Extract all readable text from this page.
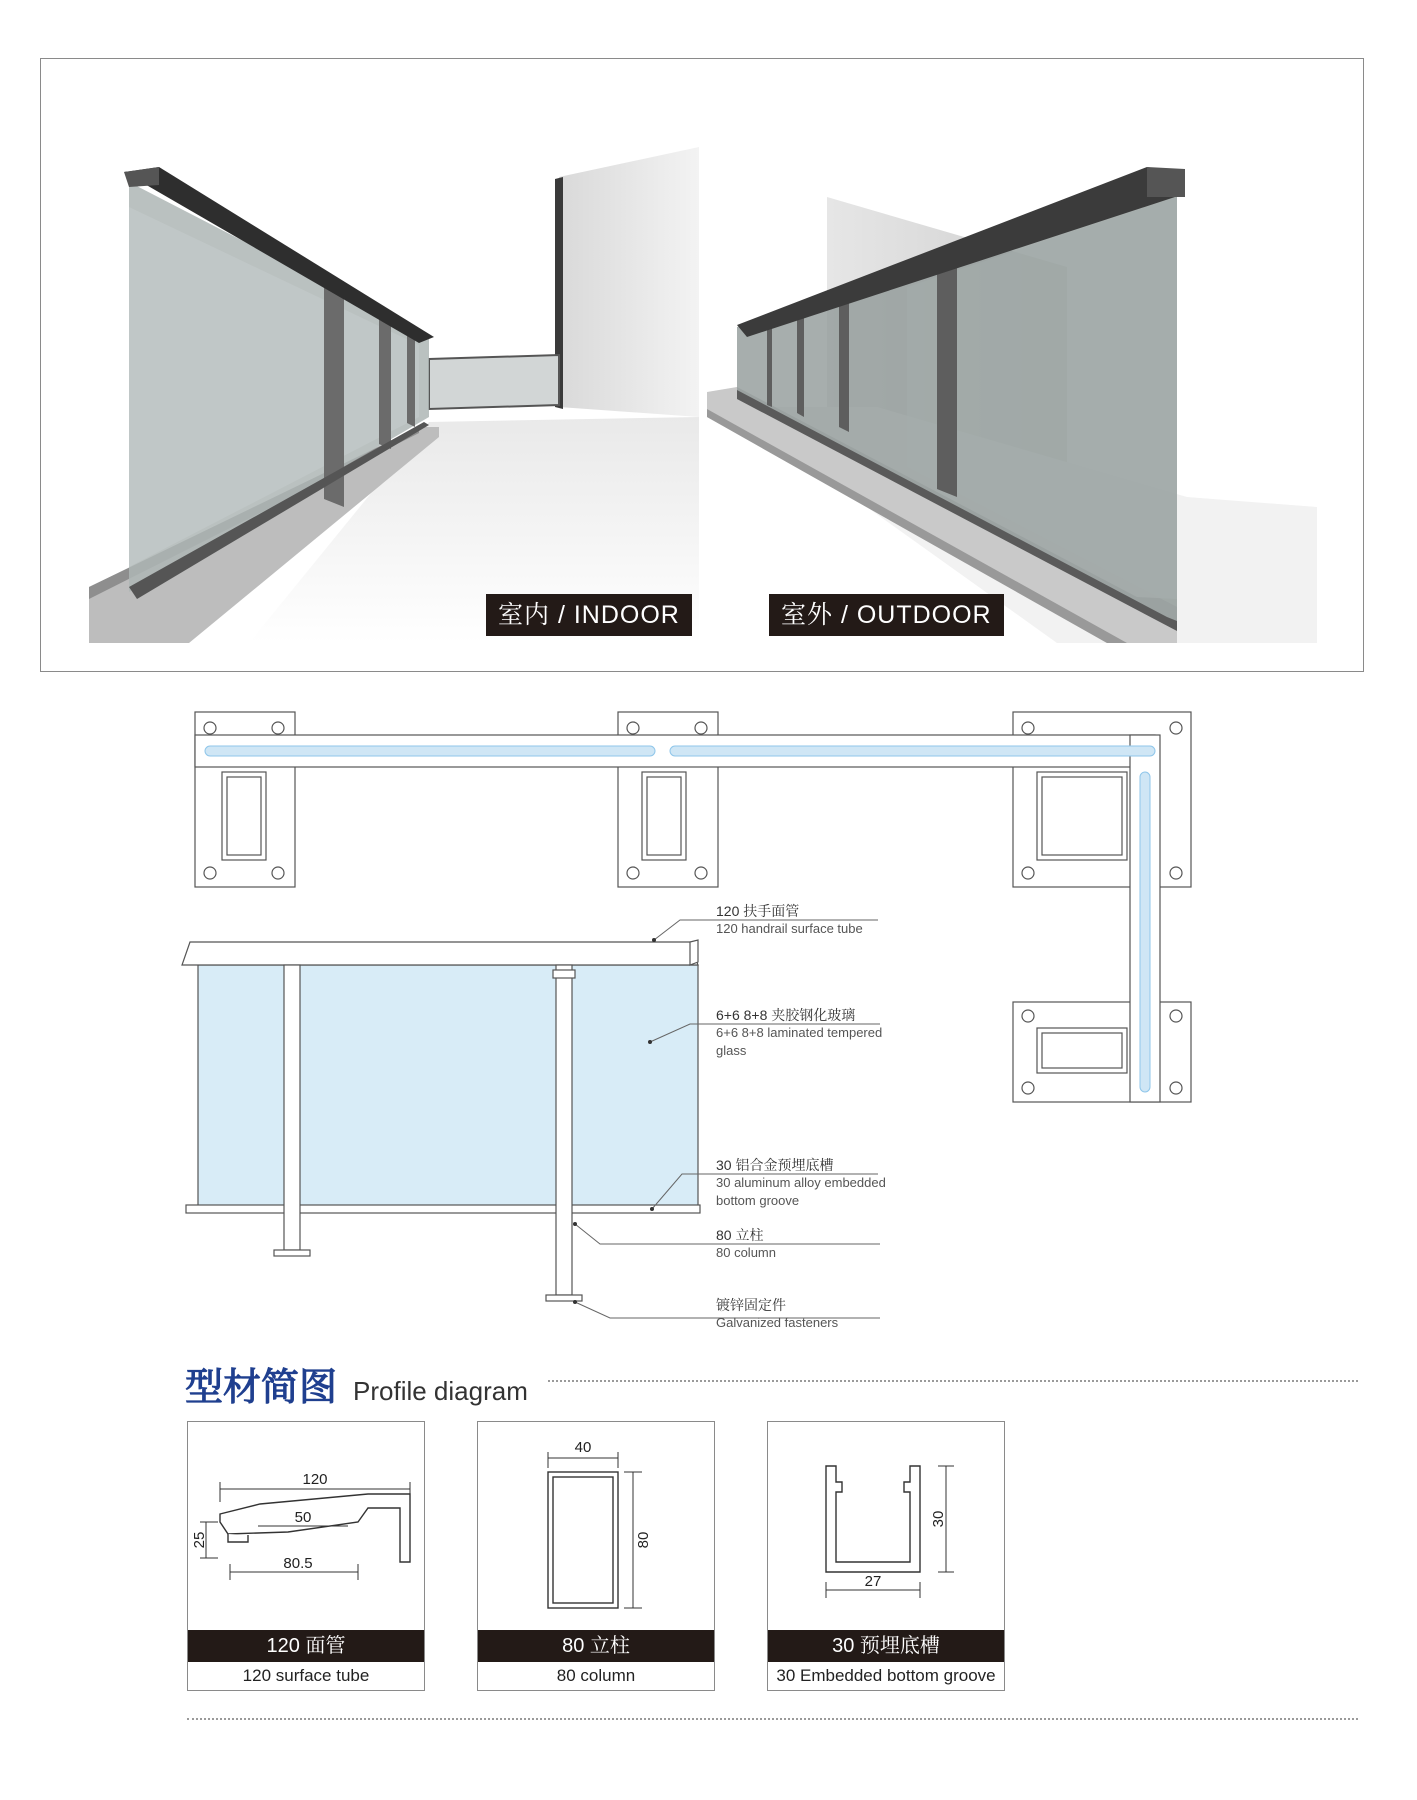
室内 / INDOOR	室外 / OUTDOOR
120 扶手面管
120 handrail surface tube
6+6 8+8 夹胶钢化玻璃
6+6 8+8 laminated tempered
glass
30 铝合金预埋底槽
30 aluminum alloy embedded
bottom groove
80 立柱
80 column
镀锌固定件
Galvanized fasteners
型材简图 Profile diagram
120
50
80.5
25
120 面管
120 surface tube
40
80
80 立柱
80 column
27
30
30 预埋底槽
30 Embedded bottom groove
